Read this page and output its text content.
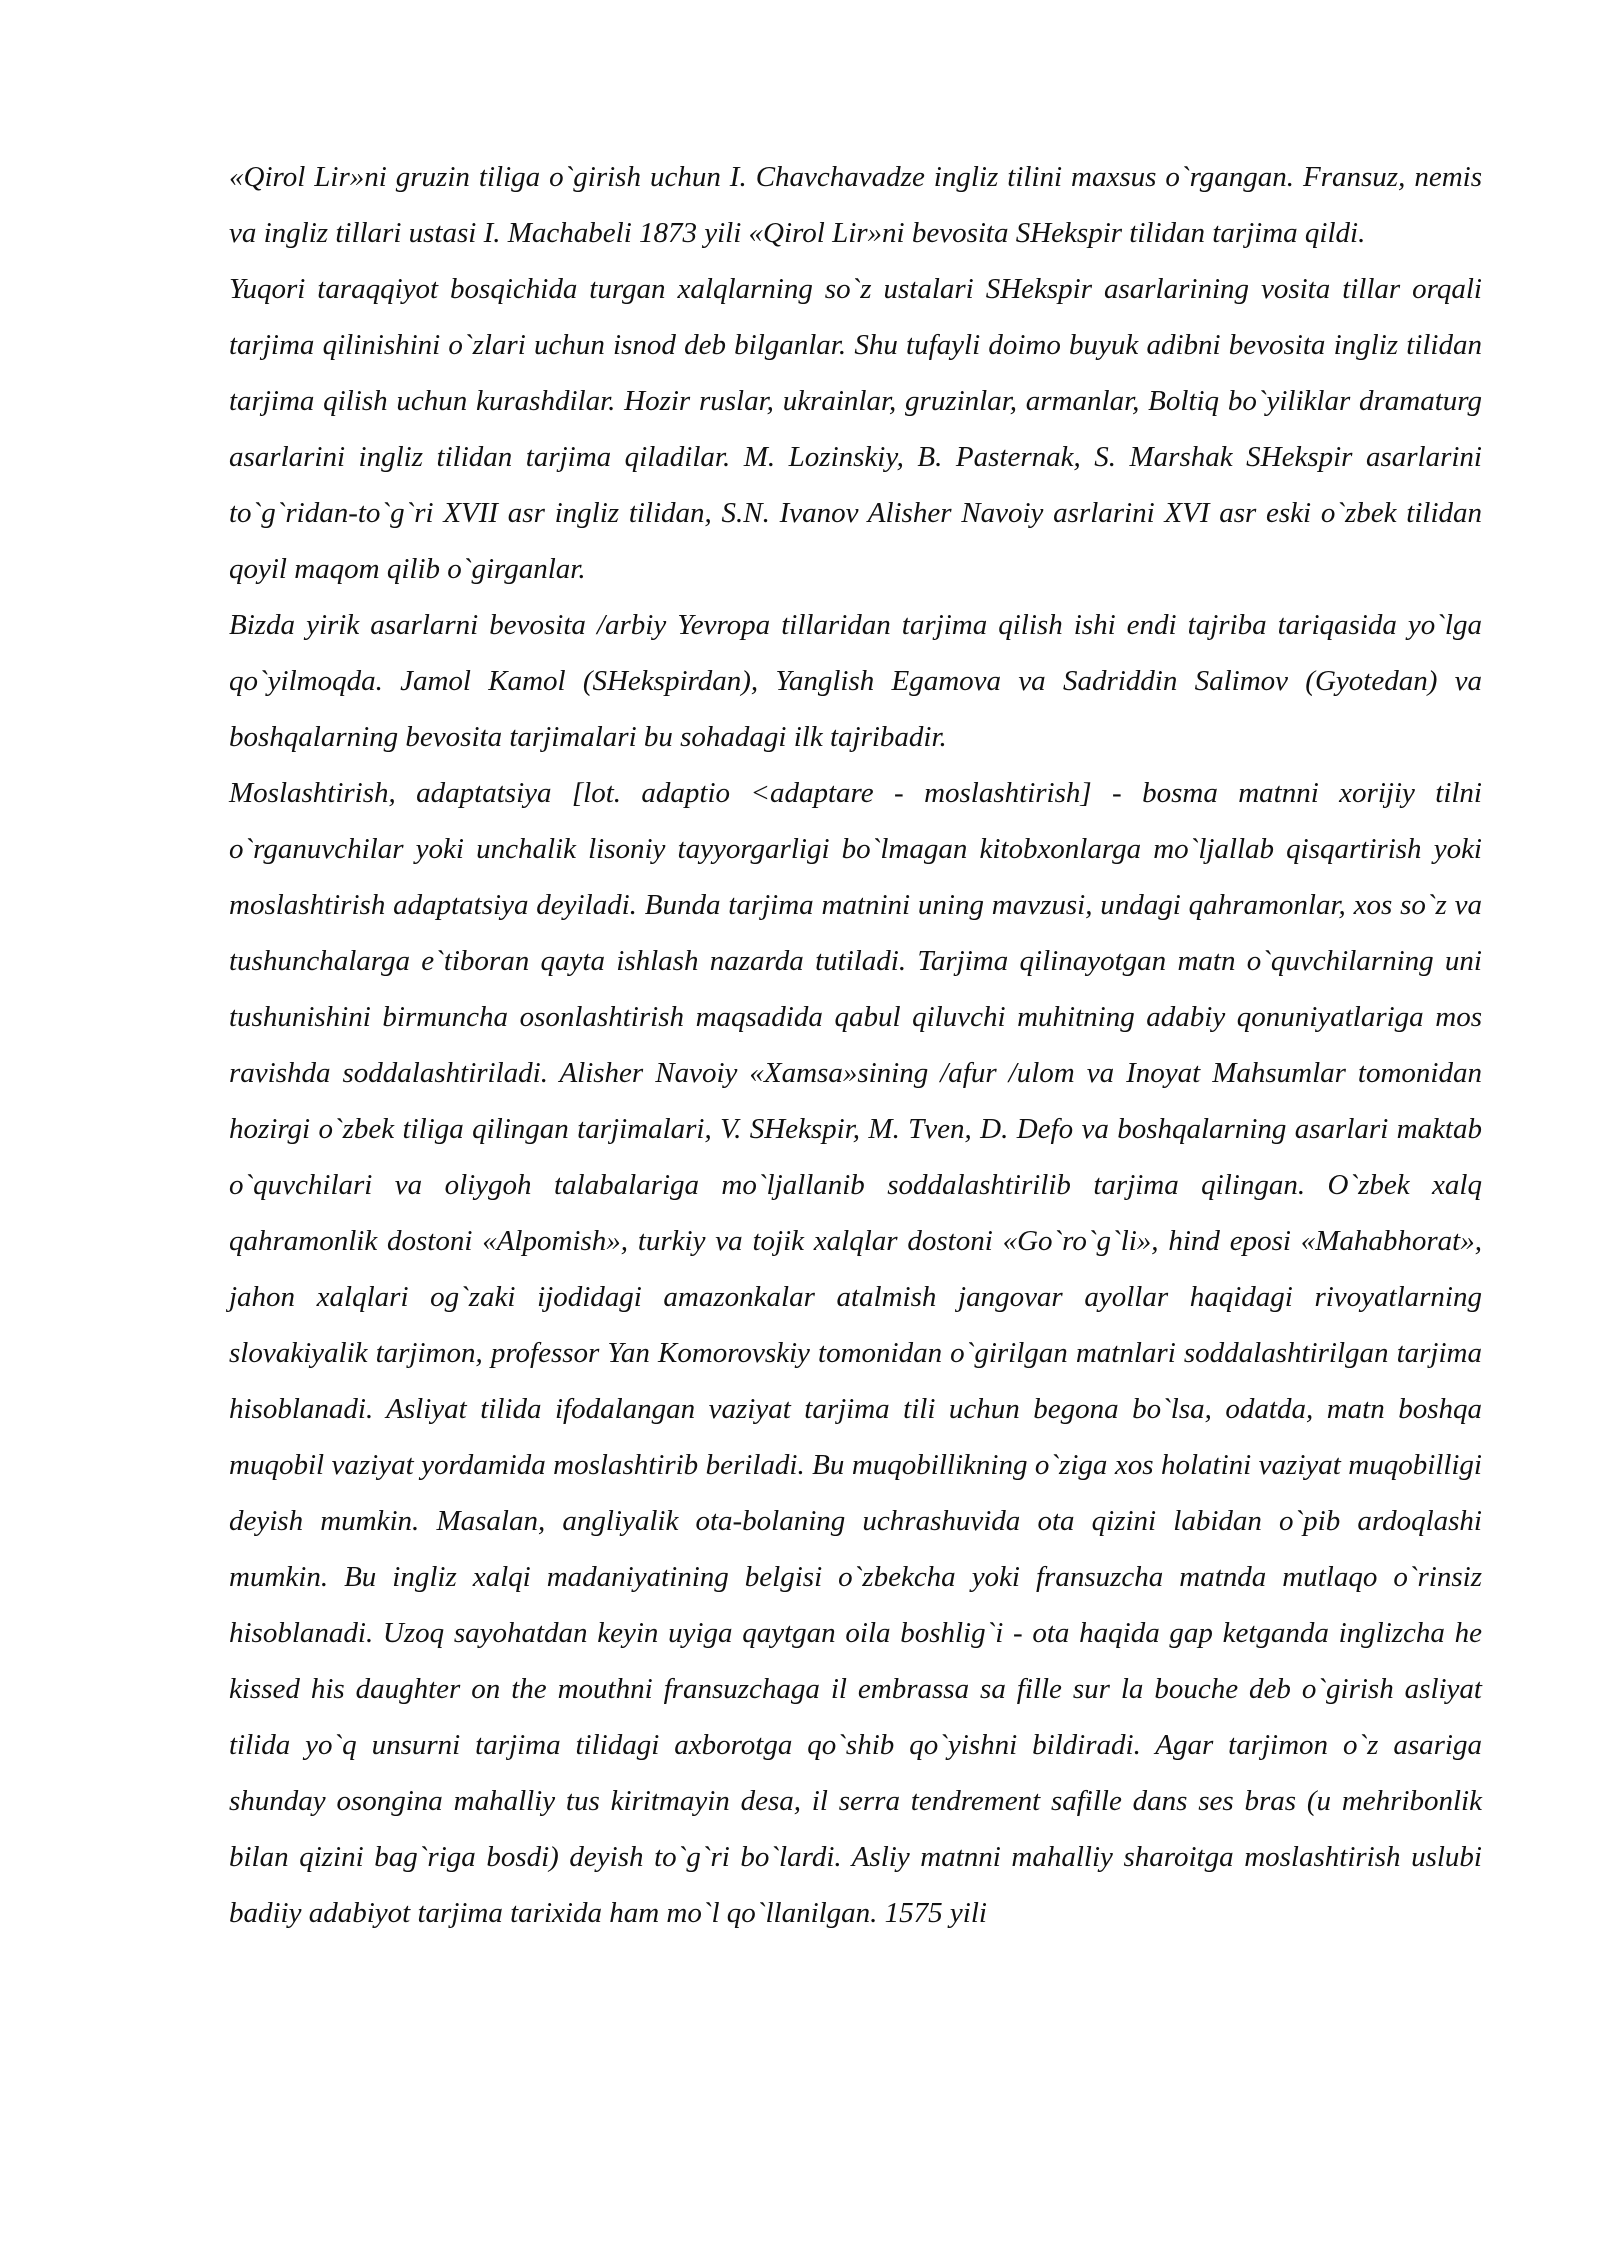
«Qirol Lir»ni gruzin tiliga o`girish uchun I. Chavchavadze ingliz tilini maxsus o`rgangan. Fransuz, nemis va ingliz tillari ustasi I. Machabeli 1873 yili «Qirol Lir»ni bevosita SHekspir tilidan tarjima qildi.

Yuqori taraqqiyot bosqichida turgan xalqlarning so`z ustalari SHekspir asarlarining vosita tillar orqali tarjima qilinishini o`zlari uchun isnod deb bilganlar. Shu tufayli doimo buyuk adibni bevosita ingliz tilidan tarjima qilish uchun kurashdilar. Hozir ruslar, ukrainlar, gruzinlar, armanlar, Boltiq bo`yiliklar dramaturg asarlarini ingliz tilidan tarjima qiladilar. M. Lozinskiy, B. Pasternak, S. Marshak SHekspir asarlarini to`g`ridan-to`g`ri XVII asr ingliz tilidan, S.N. Ivanov Alisher Navoiy asrlarini XVI asr eski o`zbek tilidan qoyil maqom qilib o`girganlar.

Bizda yirik asarlarni bevosita /arbiy Yevropa tillaridan tarjima qilish ishi endi tajriba tariqasida yo`lga qo`yilmoqda. Jamol Kamol (SHekspirdan), Yanglish Egamova va Sadriddin Salimov (Gyotedan) va boshqalarning bevosita tarjimalari bu sohadagi ilk tajribadir.

Moslashtirish, adaptatsiya [lot. adaptio <adaptare - moslashtirish] - bosma matnni xorijiy tilni o`rganuvchilar yoki unchalik lisoniy tayyorgarligi bo`lmagan kitobxonlarga mo`ljallab qisqartirish yoki moslashtirish adaptatsiya deyiladi. Bunda tarjima matnini uning mavzusi, undagi qahramonlar, xos so`z va tushunchalarga e`tiboran qayta ishlash nazarda tutiladi. Tarjima qilinayotgan matn o`quvchilarning uni tushunishini birmuncha osonlashtirish maqsadida qabul qiluvchi muhitning adabiy qonuniyatlariga mos ravishda soddalashtiriladi. Alisher Navoiy «Xamsa»sining /afur /ulom va Inoyat Mahsumlar tomonidan hozirgi o`zbek tiliga qilingan tarjimalari, V. SHekspir, M. Tven, D. Defo va boshqalarning asarlari maktab o`quvchilari va oliygoh talabalariga mo`ljallanib soddalashtirilib tarjima qilingan. O`zbek xalq qahramonlik dostoni «Alpomish», turkiy va tojik xalqlar dostoni «Go`ro`g`li», hind eposi «Mahabhorat», jahon xalqlari og`zaki ijodidagi amazonkalar atalmish jangovar ayollar haqidagi rivoyatlarning slovakiyalik tarjimon, professor Yan Komorovskiy tomonidan o`girilgan matnlari soddalashtirilgan tarjima hisoblanadi. Asliyat tilida ifodalangan vaziyat tarjima tili uchun begona bo`lsa, odatda, matn boshqa muqobil vaziyat yordamida moslashtirib beriladi. Bu muqobillikning o`ziga xos holatini vaziyat muqobilligi deyish mumkin. Masalan, angliyalik ota-bolaning uchrashuvida ota qizini labidan o`pib ardoqlashi mumkin. Bu ingliz xalqi madaniyatining belgisi o`zbekcha yoki fransuzcha matnda mutlaqo o`rinsiz hisoblanadi. Uzoq sayohatdan keyin uyiga qaytgan oila boshlig`i - ota haqida gap ketganda inglizcha he kissed his daughter on the mouthni fransuzchaga il embrassa sa fille sur la bouche deb o`girish asliyat tilida yo`q unsurni tarjima tilidagi axborotga qo`shib qo`yishni bildiradi. Agar tarjimon o`z asariga shunday osongina mahalliy tus kiritmayin desa, il serra tendrement safille dans ses bras (u mehribonlik bilan qizini bag`riga bosdi) deyish to`g`ri bo`lardi. Asliy matnni mahalliy sharoitga moslashtirish uslubi badiiy adabiyot tarjima tarixida ham mo`l qo`llanilgan. 1575 yili
